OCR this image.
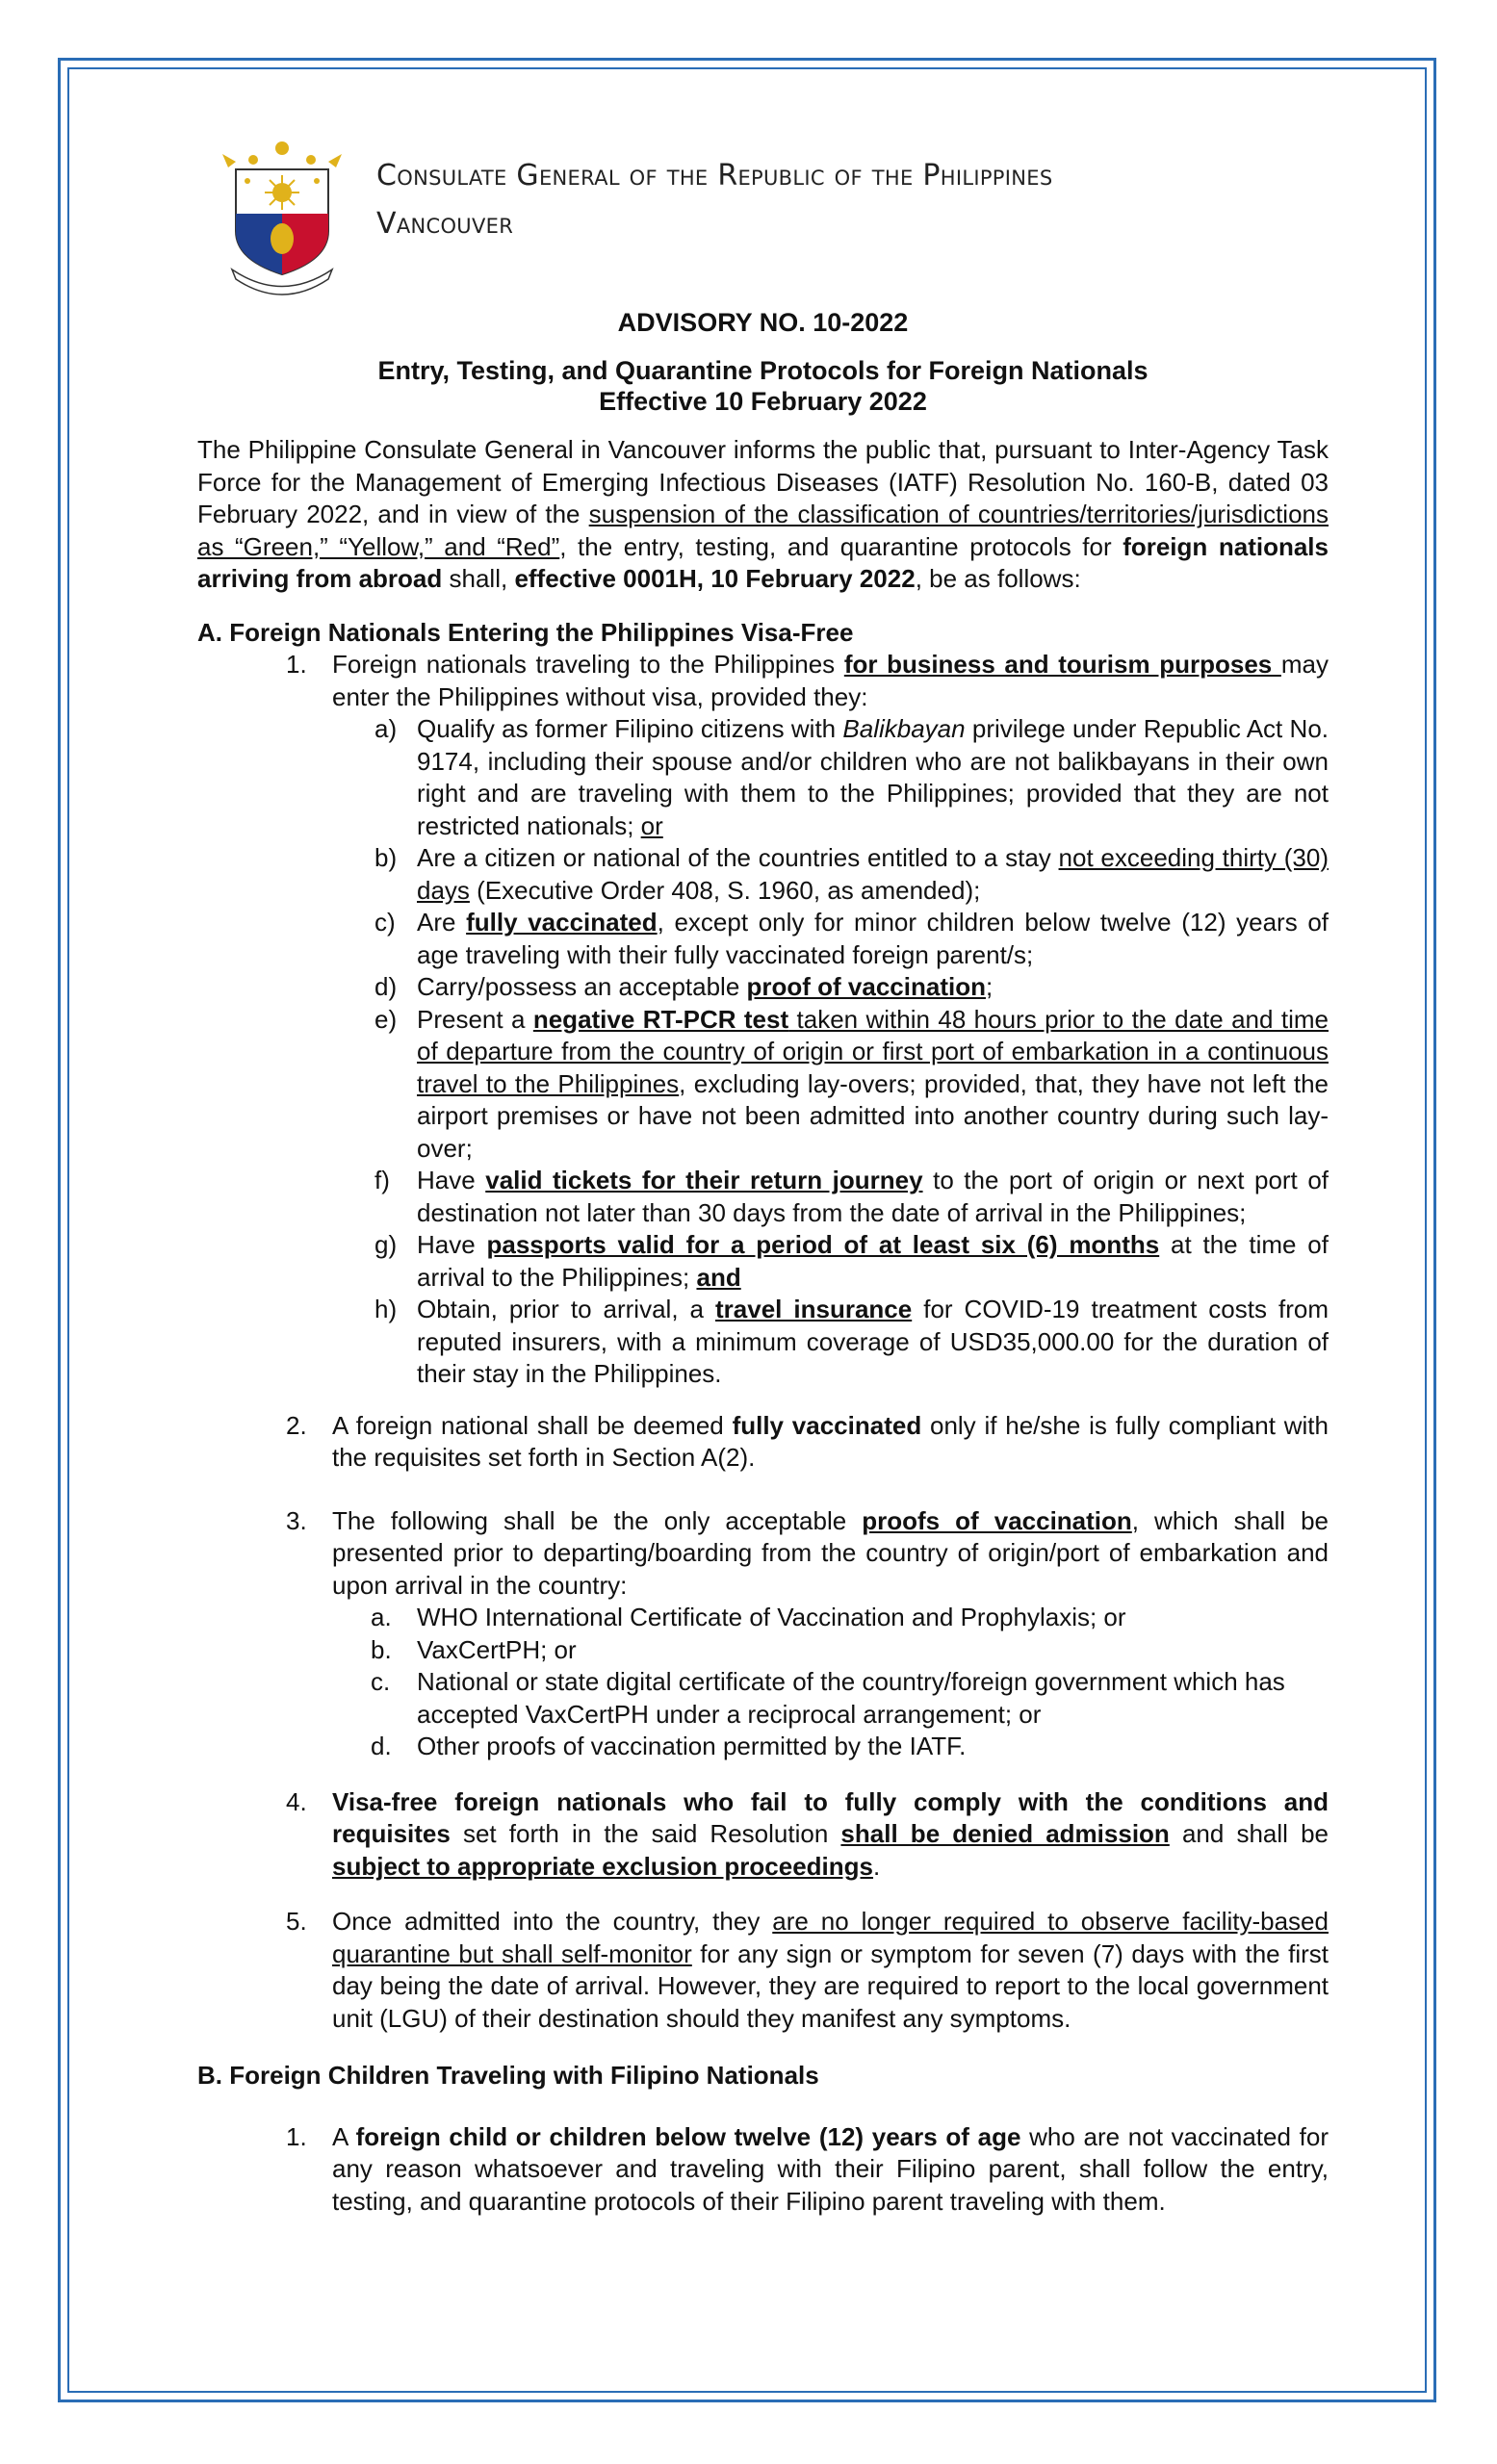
Consulate General of the Republic of the Philippines
Vancouver
ADVISORY NO. 10-2022
Entry, Testing, and Quarantine Protocols for Foreign Nationals
Effective 10 February 2022

The Philippine Consulate General in Vancouver informs the public that, pursuant to Inter-Agency Task Force for the Management of Emerging Infectious Diseases (IATF) Resolution No. 160-B, dated 03 February 2022, and in view of the suspension of the classification of countries/territories/jurisdictions as “Green,” “Yellow,” and “Red”, the entry, testing, and quarantine protocols for foreign nationals arriving from abroad shall, effective 0001H, 10 February 2022, be as follows:

A. Foreign Nationals Entering the Philippines Visa-Free
1. Foreign nationals traveling to the Philippines for business and tourism purposes may enter the Philippines without visa, provided they:
a) Qualify as former Filipino citizens with Balikbayan privilege under Republic Act No. 9174, including their spouse and/or children who are not balikbayans in their own right and are traveling with them to the Philippines; provided that they are not restricted nationals; or
b) Are a citizen or national of the countries entitled to a stay not exceeding thirty (30) days (Executive Order 408, S. 1960, as amended);
c) Are fully vaccinated, except only for minor children below twelve (12) years of age traveling with their fully vaccinated foreign parent/s;
d) Carry/possess an acceptable proof of vaccination;
e) Present a negative RT-PCR test taken within 48 hours prior to the date and time of departure from the country of origin or first port of embarkation in a continuous travel to the Philippines, excluding lay-overs; provided, that, they have not left the airport premises or have not been admitted into another country during such lay-over;
f) Have valid tickets for their return journey to the port of origin or next port of destination not later than 30 days from the date of arrival in the Philippines;
g) Have passports valid for a period of at least six (6) months at the time of arrival to the Philippines; and
h) Obtain, prior to arrival, a travel insurance for COVID-19 treatment costs from reputed insurers, with a minimum coverage of USD35,000.00 for the duration of their stay in the Philippines.
2. A foreign national shall be deemed fully vaccinated only if he/she is fully compliant with the requisites set forth in Section A(2).
3. The following shall be the only acceptable proofs of vaccination, which shall be presented prior to departing/boarding from the country of origin/port of embarkation and upon arrival in the country:
a. WHO International Certificate of Vaccination and Prophylaxis; or
b. VaxCertPH; or
c. National or state digital certificate of the country/foreign government which has accepted VaxCertPH under a reciprocal arrangement; or
d. Other proofs of vaccination permitted by the IATF.
4. Visa-free foreign nationals who fail to fully comply with the conditions and requisites set forth in the said Resolution shall be denied admission and shall be subject to appropriate exclusion proceedings.
5. Once admitted into the country, they are no longer required to observe facility-based quarantine but shall self-monitor for any sign or symptom for seven (7) days with the first day being the date of arrival. However, they are required to report to the local government unit (LGU) of their destination should they manifest any symptoms.
B. Foreign Children Traveling with Filipino Nationals
1. A foreign child or children below twelve (12) years of age who are not vaccinated for any reason whatsoever and traveling with their Filipino parent, shall follow the entry, testing, and quarantine protocols of their Filipino parent traveling with them.
